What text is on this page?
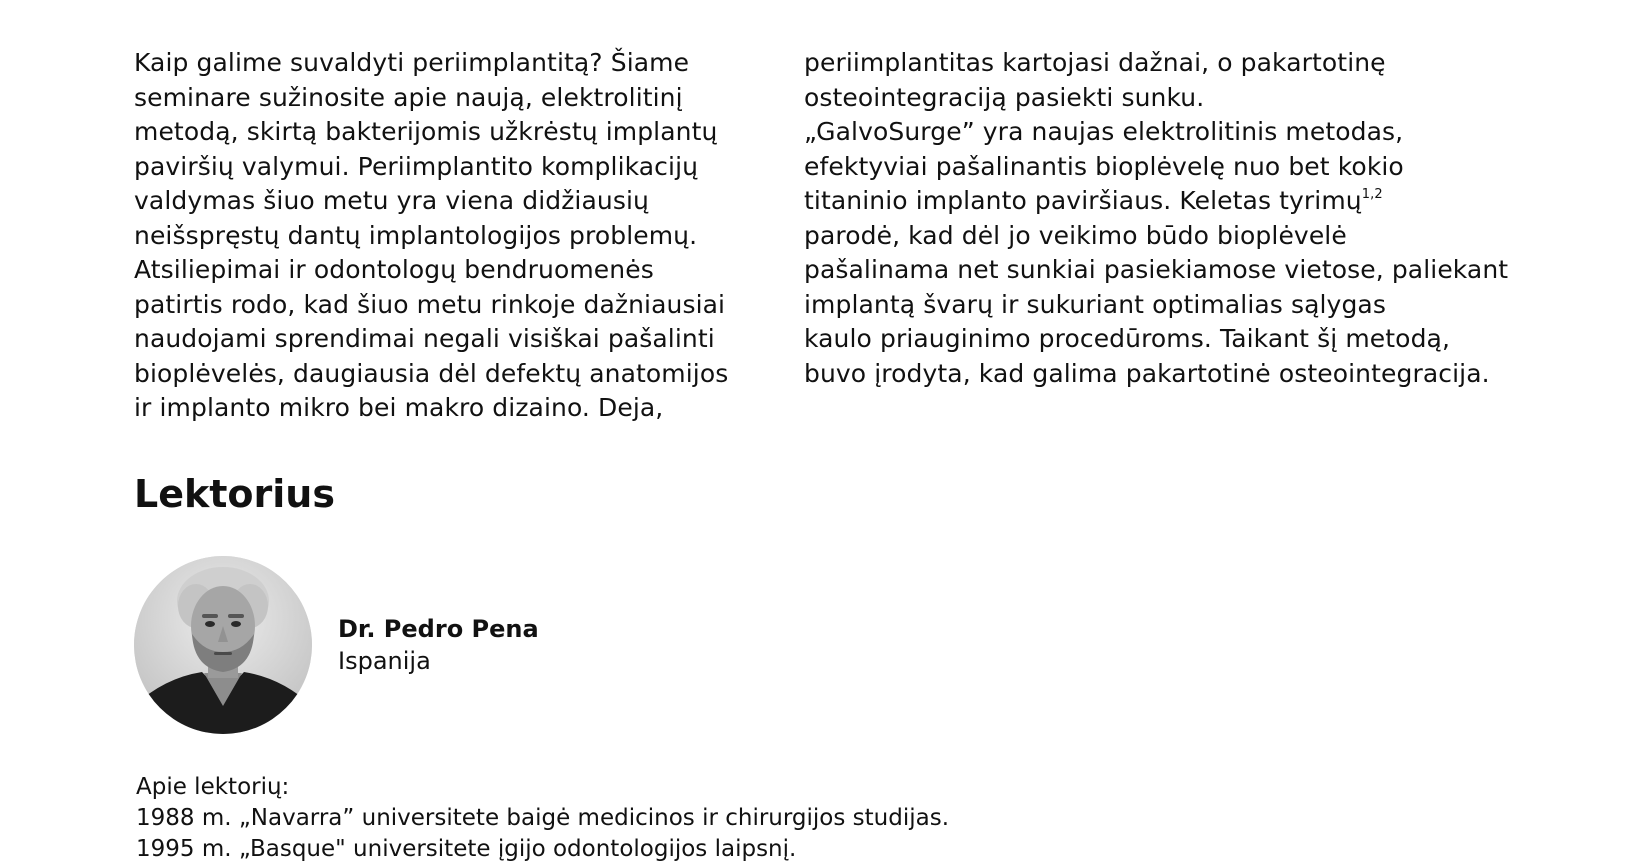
Kaip galime suvaldyti periimplantitą? Šiame
seminare sužinosite apie naują, elektrolitinį
metodą, skirtą bakterijomis užkrėstų implantų
paviršių valymui. Periimplantito komplikacijų
valdymas šiuo metu yra viena didžiausių
neišspręstų dantų implantologijos problemų.
Atsiliepimai ir odontologų bendruomenės
patirtis rodo, kad šiuo metu rinkoje dažniausiai
naudojami sprendimai negali visiškai pašalinti
bioplėvelės, daugiausia dėl defektų anatomijos
ir implanto mikro bei makro dizaino. Deja,
periimplantitas kartojasi dažnai, o pakartotinę
osteointegraciją pasiekti sunku.
„GalvoSurge” yra naujas elektrolitinis metodas,
efektyviai pašalinantis bioplėvelę nuo bet kokio
titaninio implanto paviršiaus. Keletas tyrimų$^{1,2}$
parodė, kad dėl jo veikimo būdo bioplėvelė
pašalinama net sunkiai pasiekiamose vietose, paliekant
implantą švarų ir sukuriant optimalias sąlygas
kaulo priauginimo procedūroms. Taikant šį metodą,
buvo įrodyta, kad galima pakartotinė osteointegracija.
Lektorius
Dr. Pedro Pena
Ispanija
Apie lektorių:
1988 m. „Navarra” universitete baigė medicinos ir chirurgijos studijas.
1995 m. „Basque" universitete įgijo odontologijos laipsnį.
